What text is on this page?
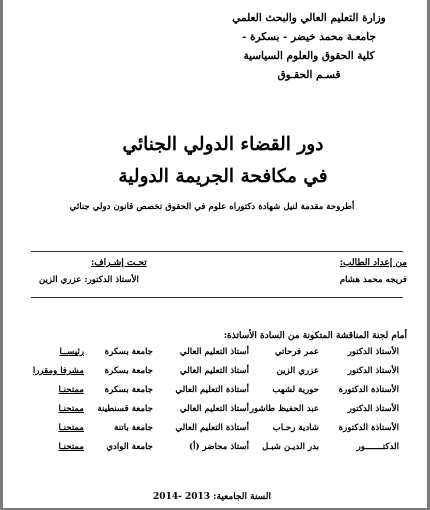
وزارة التعليم العالي والبحث العلمي
جامعـة محمد خيضر - بسكرة -
كلية الحقوق والعلوم السياسية
قسـم الحقـوق
دور القضاء الدولي الجنائي
في مكافحة الجريمة الدولية
أطروحة مقدمة لنيل شهادة دكتوراه علوم في الحقوق تخصص قانون دولي جنائي
من إعداد الطالب:
فريجه محمد هشام
تحـت إشـراف:
الأستاذ الدكتور: عزري الزين
أمام لجنة المناقشة المتكونة من السادة الأساتذة:
الأستاذ الدكتور
عمر فرحاتي
أستاذ التعليم العالي
جامعة بسكرة
رئيســا
الأستاذ الدكتور
عزري الزين
أستاذ التعليم العالي
جامعة بسكرة
مشرفا ومقررا
الأستاذة الدكتورة
حورية لشهب
أستاذة التعليم العالي
جامعة بسكرة
ممتحنـا
الأستاذ الدكتور
عبد الحفيظ طاشور
أستاذ التعليم العالي
جامعة قسنطينة
ممتحنـا
الأستاذة الدكتورة
شادية رحـاب
أستاذة التعليم العالي
جامعة باتنة
ممتحنـا
الدكتـــــــور
بدر الديـن شبـل
أستاذ محاضر (أ)
جامعة الوادي
ممتحنـا
السنة الجامعية: 2013 -2014
